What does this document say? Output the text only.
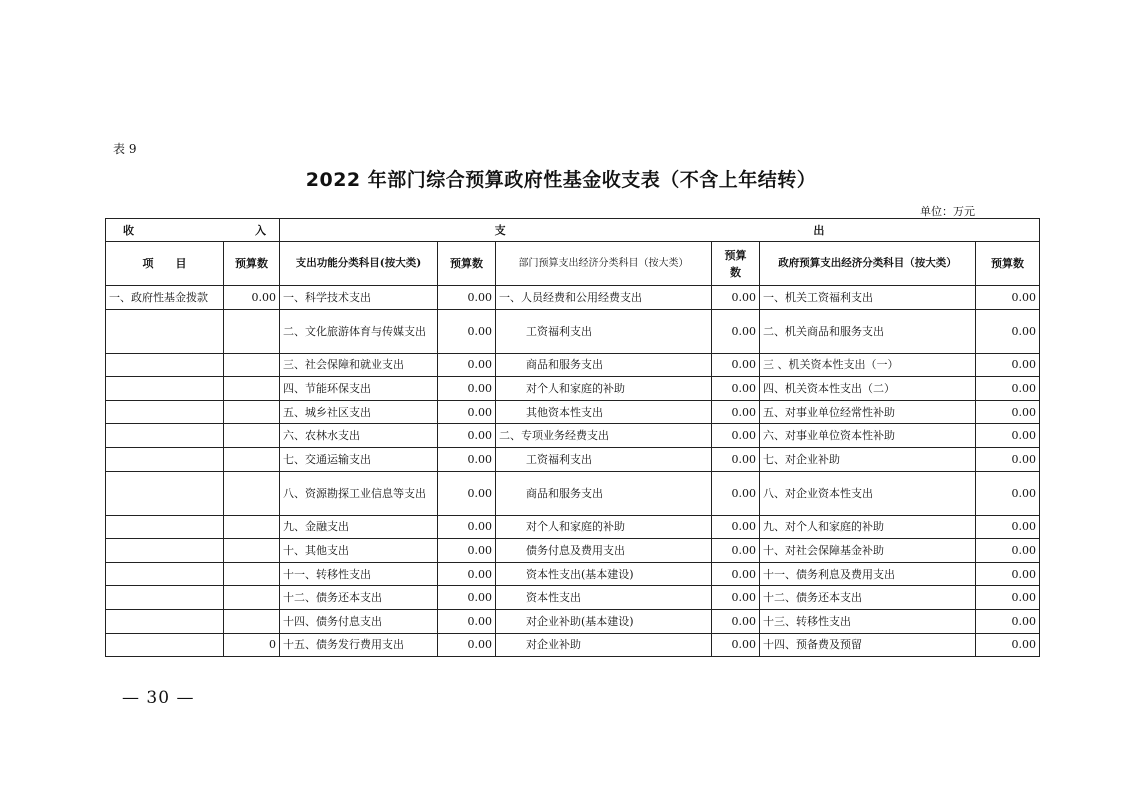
表 9
2022 年部门综合预算政府性基金收支表（不含上年结转）
单位：万元
收 入		支 出					
项　　目	预算数	支出功能分类科目(按大类)	预算数	部门预算支出经济分类科目（按大类）	预算数	政府预算支出经济分类科目（按大类）	预算数
一、政府性基金拨款	0.00	一、科学技术支出	0.00	一、人员经费和公用经费支出	0.00	一、机关工资福利支出	0.00
		二、文化旅游体育与传媒支出	0.00	工资福利支出	0.00	二、机关商品和服务支出	0.00
		三、社会保障和就业支出	0.00	商品和服务支出	0.00	三 、机关资本性支出（一）	0.00
		四、节能环保支出	0.00	对个人和家庭的补助	0.00	四、机关资本性支出（二）	0.00
		五、城乡社区支出	0.00	其他资本性支出	0.00	五、对事业单位经常性补助	0.00
		六、农林水支出	0.00	二、专项业务经费支出	0.00	六、对事业单位资本性补助	0.00
		七、交通运输支出	0.00	工资福利支出	0.00	七、对企业补助	0.00
		八、资源勘探工业信息等支出	0.00	商品和服务支出	0.00	八、对企业资本性支出	0.00
		九、金融支出	0.00	对个人和家庭的补助	0.00	九、对个人和家庭的补助	0.00
		十、其他支出	0.00	债务付息及费用支出	0.00	十、对社会保障基金补助	0.00
		十一、转移性支出	0.00	资本性支出(基本建设)	0.00	十一、债务利息及费用支出	0.00
		十二、债务还本支出	0.00	资本性支出	0.00	十二、债务还本支出	0.00
		十四、债务付息支出	0.00	对企业补助(基本建设)	0.00	十三、转移性支出	0.00
	0	十五、债务发行费用支出	0.00	对企业补助	0.00	十四、预备费及预留	0.00
— 30 —
